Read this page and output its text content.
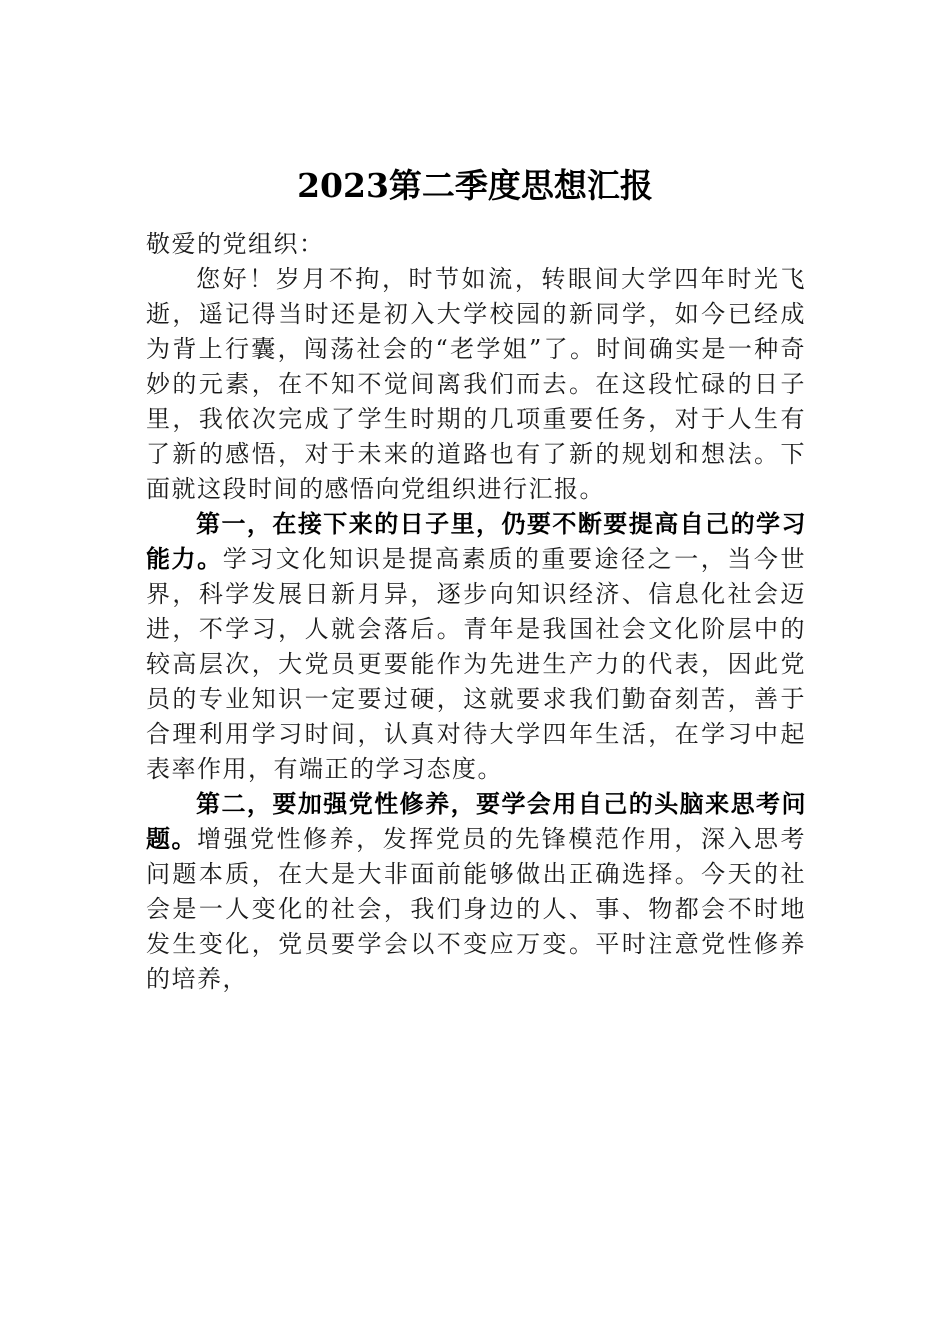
2023第二季度思想汇报

敬爱的党组织：

您好！岁月不拘，时节如流，转眼间大学四年时光飞逝，遥记得当时还是初入大学校园的新同学，如今已经成为背上行囊，闯荡社会的“老学姐”了。时间确实是一种奇妙的元素，在不知不觉间离我们而去。在这段忙碌的日子里，我依次完成了学生时期的几项重要任务，对于人生有了新的感悟，对于未来的道路也有了新的规划和想法。下面就这段时间的感悟向党组织进行汇报。

第一，在接下来的日子里，仍要不断要提高自己的学习能力。学习文化知识是提高素质的重要途径之一，当今世界，科学发展日新月异，逐步向知识经济、信息化社会迈进，不学习，人就会落后。青年是我国社会文化阶层中的较高层次，大党员更要能作为先进生产力的代表，因此党员的专业知识一定要过硬，这就要求我们勤奋刻苦，善于合理利用学习时间，认真对待大学四年生活，在学习中起表率作用，有端正的学习态度。

第二，要加强党性修养，要学会用自己的头脑来思考问题。增强党性修养，发挥党员的先锋模范作用，深入思考问题本质，在大是大非面前能够做出正确选择。今天的社会是一人变化的社会，我们身边的人、事、物都会不时地发生变化，党员要学会以不变应万变。平时注意党性修养的培养，
